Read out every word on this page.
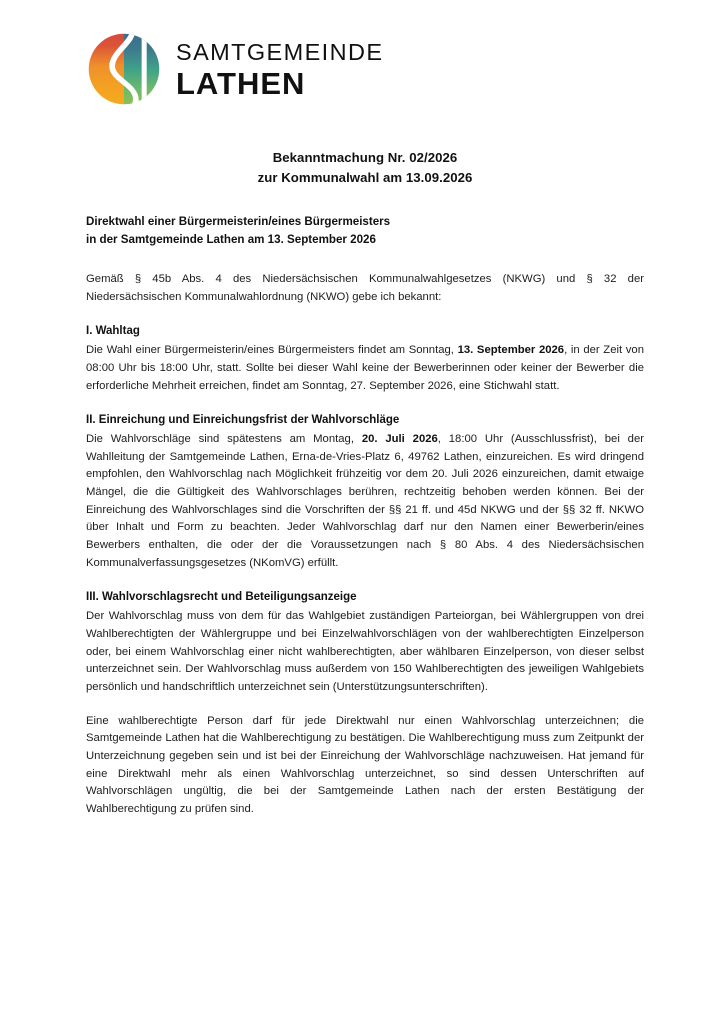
SAMTGEMEINDE
LATHEN
Bekanntmachung Nr. 02/2026
zur Kommunalwahl am 13.09.2026
Direktwahl einer Bürgermeisterin/eines Bürgermeisters
in der Samtgemeinde Lathen am 13. September 2026

Gemäß § 45b Abs. 4 des Niedersächsischen Kommunalwahlgesetzes (NKWG) und § 32 der Niedersächsischen Kommunalwahlordnung (NKWO) gebe ich bekannt:

I. Wahltag

Die Wahl einer Bürgermeisterin/eines Bürgermeisters findet am Sonntag, 13. September 2026, in der Zeit von 08:00 Uhr bis 18:00 Uhr, statt. Sollte bei dieser Wahl keine der Bewerberinnen oder keiner der Bewerber die erforderliche Mehrheit erreichen, findet am Sonntag, 27. September 2026, eine Stichwahl statt.

II. Einreichung und Einreichungsfrist der Wahlvorschläge

Die Wahlvorschläge sind spätestens am Montag, 20. Juli 2026, 18:00 Uhr (Ausschlussfrist), bei der Wahlleitung der Samtgemeinde Lathen, Erna-de-Vries-Platz 6, 49762 Lathen, einzureichen. Es wird dringend empfohlen, den Wahlvorschlag nach Möglichkeit frühzeitig vor dem 20. Juli 2026 einzureichen, damit etwaige Mängel, die die Gültigkeit des Wahlvorschlages berühren, rechtzeitig behoben werden können. Bei der Einreichung des Wahlvorschlages sind die Vorschriften der §§ 21 ff. und 45d NKWG und der §§ 32 ff. NKWO über Inhalt und Form zu beachten. Jeder Wahlvorschlag darf nur den Namen einer Bewerberin/eines Bewerbers enthalten, die oder der die Voraussetzungen nach § 80 Abs. 4 des Niedersächsischen Kommunalverfassungsgesetzes (NKomVG) erfüllt.

III. Wahlvorschlagsrecht und Beteiligungsanzeige

Der Wahlvorschlag muss von dem für das Wahlgebiet zuständigen Parteiorgan, bei Wählergruppen von drei Wahlberechtigten der Wählergruppe und bei Einzelwahlvorschlägen von der wahlberechtigten Einzelperson oder, bei einem Wahlvorschlag einer nicht wahlberechtigten, aber wählbaren Einzelperson, von dieser selbst unterzeichnet sein. Der Wahlvorschlag muss außerdem von 150 Wahlberechtigten des jeweiligen Wahlgebiets persönlich und handschriftlich unterzeichnet sein (Unterstützungsunterschriften).

Eine wahlberechtigte Person darf für jede Direktwahl nur einen Wahlvorschlag unterzeichnen; die Samtgemeinde Lathen hat die Wahlberechtigung zu bestätigen. Die Wahlberechtigung muss zum Zeitpunkt der Unterzeichnung gegeben sein und ist bei der Einreichung der Wahlvorschläge nachzuweisen. Hat jemand für eine Direktwahl mehr als einen Wahlvorschlag unterzeichnet, so sind dessen Unterschriften auf Wahlvorschlägen ungültig, die bei der Samtgemeinde Lathen nach der ersten Bestätigung der Wahlberechtigung zu prüfen sind.
